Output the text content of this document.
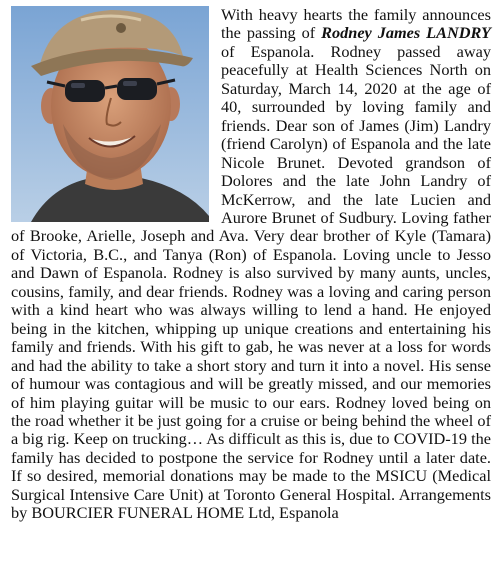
With heavy hearts the family announces the passing of Rodney James LANDRY of Espanola. Rodney passed away peacefully at Health Sciences North on Saturday, March 14, 2020 at the age of 40, surrounded by loving family and friends. Dear son of James (Jim) Landry (friend Carolyn) of Espanola and the late Nicole Brunet. Devoted grandson of Dolores and the late John Landry of McKerrow, and the late Lucien and Aurore Brunet of Sudbury. Loving father of Brooke, Arielle, Joseph and Ava. Very dear brother of Kyle (Tamara) of Victoria, B.C., and Tanya (Ron) of Espanola. Loving uncle to Jesso and Dawn of Espanola. Rodney is also survived by many aunts, uncles, cousins, family, and dear friends. Rodney was a loving and caring person with a kind heart who was always willing to lend a hand. He enjoyed being in the kitchen, whipping up unique creations and entertaining his family and friends. With his gift to gab, he was never at a loss for words and had the ability to take a short story and turn it into a novel. His sense of humour was contagious and will be greatly missed, and our memories of him playing guitar will be music to our ears. Rodney loved being on the road whether it be just going for a cruise or being behind the wheel of a big rig. Keep on trucking… As difficult as this is, due to COVID-19 the family has decided to postpone the service for Rodney until a later date. If so desired, memorial donations may be made to the MSICU (Medical Surgical Intensive Care Unit) at Toronto General Hospital. Arrangements by BOURCIER FUNERAL HOME Ltd, Espanola
